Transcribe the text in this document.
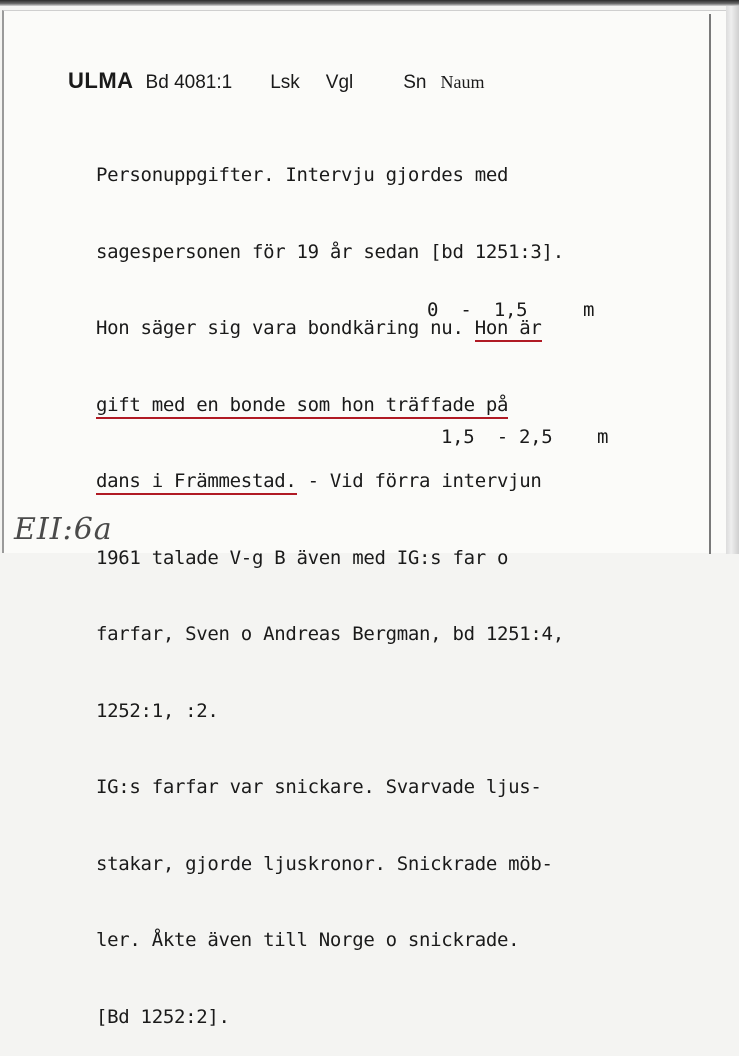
ULMA Bd 4081:1 Lsk Vgl	Sn Naum

Personuppgifter. Intervju gjordes med

sagespersonen för 19 år sedan [bd 1251:3].

Hon säger sig vara bondkäring nu. Hon är

gift med en bonde som hon träffade på

dans i Främmestad. - Vid förra intervjun

1961 talade V-g B även med IG:s far o

farfar, Sven o Andreas Bergman, bd 1251:4,

1252:1, :2.

IG:s farfar var snickare. Svarvade ljus-

stakar, gjorde ljuskronor. Snickrade möb-

ler. Åkte även till Norge o snickrade.

[Bd 1252:2].

0  -  1,5     m
1,5  - 2,5    m
EII:6a
